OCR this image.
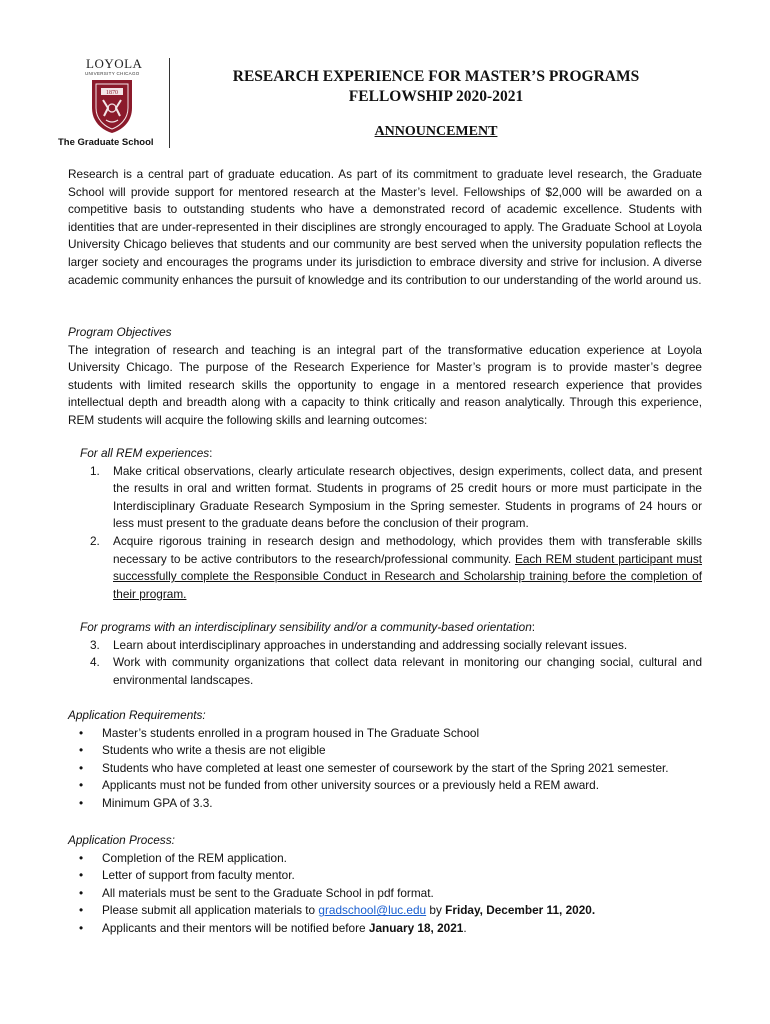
LOYOLA
UNIVERSITY CHICAGO
1870
The Graduate School
RESEARCH EXPERIENCE FOR MASTER’S PROGRAMS
FELLOWSHIP 2020-2021
ANNOUNCEMENT
Research is a central part of graduate education. As part of its commitment to graduate level research, the Graduate School will provide support for mentored research at the Master’s level. Fellowships of $2,000 will be awarded on a competitive basis to outstanding students who have a demonstrated record of academic excellence. Students with identities that are under-represented in their disciplines are strongly encouraged to apply. The Graduate School at Loyola University Chicago believes that students and our community are best served when the university population reflects the larger society and encourages the programs under its jurisdiction to embrace diversity and strive for inclusion. A diverse academic community enhances the pursuit of knowledge and its contribution to our understanding of the world around us.
Program Objectives
The integration of research and teaching is an integral part of the transformative education experience at Loyola University Chicago. The purpose of the Research Experience for Master’s program is to provide master’s degree students with limited research skills the opportunity to engage in a mentored research experience that provides intellectual depth and breadth along with a capacity to think critically and reason analytically. Through this experience, REM students will acquire the following skills and learning outcomes:
For all REM experiences:
1. Make critical observations, clearly articulate research objectives, design experiments, collect data, and present the results in oral and written format. Students in programs of 25 credit hours or more must participate in the Interdisciplinary Graduate Research Symposium in the Spring semester. Students in programs of 24 hours or less must present to the graduate deans before the conclusion of their program.
2. Acquire rigorous training in research design and methodology, which provides them with transferable skills necessary to be active contributors to the research/professional community. Each REM student participant must successfully complete the Responsible Conduct in Research and Scholarship training before the completion of their program.
For programs with an interdisciplinary sensibility and/or a community-based orientation:
3. Learn about interdisciplinary approaches in understanding and addressing socially relevant issues.
4. Work with community organizations that collect data relevant in monitoring our changing social, cultural and environmental landscapes.
Application Requirements:
• Master’s students enrolled in a program housed in The Graduate School
• Students who write a thesis are not eligible
• Students who have completed at least one semester of coursework by the start of the Spring 2021 semester.
• Applicants must not be funded from other university sources or a previously held a REM award.
• Minimum GPA of 3.3.
Application Process:
• Completion of the REM application.
• Letter of support from faculty mentor.
• All materials must be sent to the Graduate School in pdf format.
• Please submit all application materials to gradschool@luc.edu by Friday, December 11, 2020.
• Applicants and their mentors will be notified before January 18, 2021.
